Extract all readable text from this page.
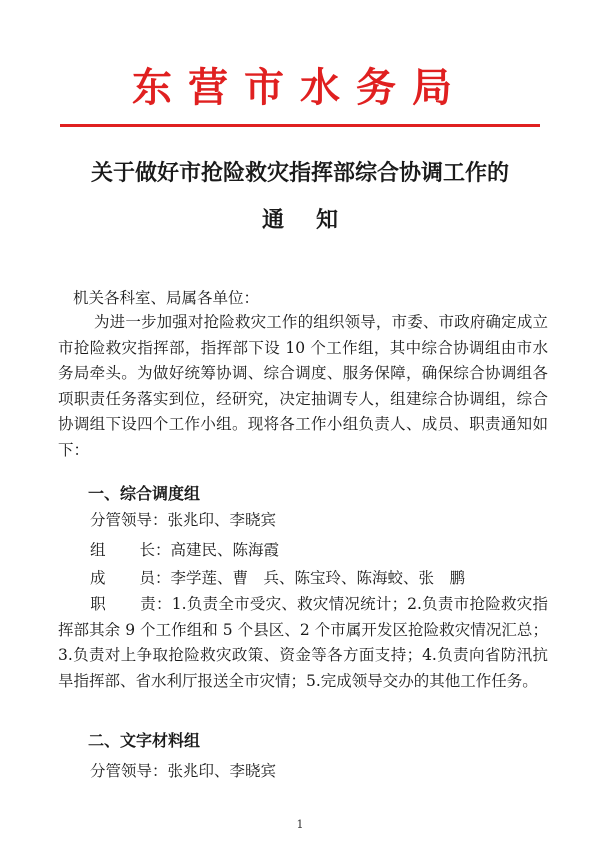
东营市水务局
关于做好市抢险救灾指挥部综合协调工作的
通 知
机关各科室、局属各单位：
为进一步加强对抢险救灾工作的组织领导，市委、市政府确定成立市抢险救灾指挥部，指挥部下设 10 个工作组，其中综合协调组由市水务局牵头。为做好统筹协调、综合调度、服务保障，确保综合协调组各项职责任务落实到位，经研究，决定抽调专人，组建综合协调组，综合协调组下设四个工作小组。现将各工作小组负责人、成员、职责通知如下：
一、综合调度组
分管领导：张兆印、李晓宾
组 长：高建民、陈海霞
成 员：李学莲、曹　兵、陈宝玲、陈海蛟、张　鹏
职 责：1.负责全市受灾、救灾情况统计；2.负责市抢险救灾指挥部其余 9 个工作组和 5 个县区、2 个市属开发区抢险救灾情况汇总；3.负责对上争取抢险救灾政策、资金等各方面支持；4.负责向省防汛抗旱指挥部、省水利厅报送全市灾情；5.完成领导交办的其他工作任务。
二、文字材料组
分管领导：张兆印、李晓宾
1
